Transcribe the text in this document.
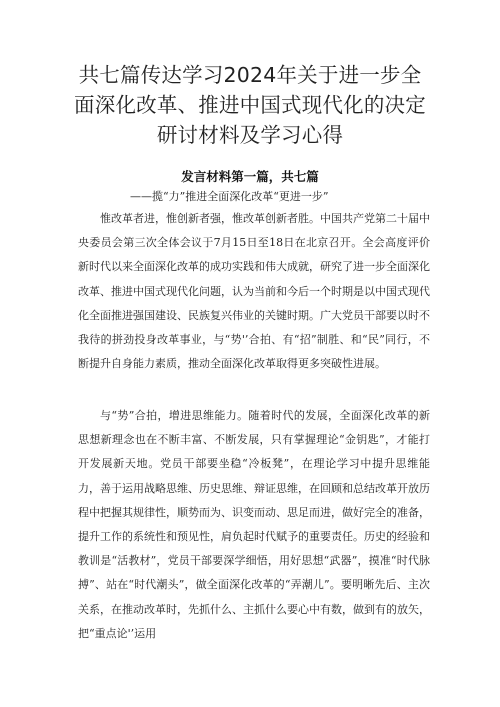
共七篇传达学习2024年关于进一步全面深化改革、推进中国式现代化的决定研讨材料及学习心得
发言材料第一篇，共七篇

——揽“力”推进全面深化改革“更进一步”

惟改革者进，惟创新者强，惟改革创新者胜。中国共产党第二十届中央委员会第三次全体会议于7月15日至18日在北京召开。全会高度评价新时代以来全面深化改革的成功实践和伟大成就，研究了进一步全面深化改革、推进中国式现代化问题，认为当前和今后一个时期是以中国式现代化全面推进强国建设、民族复兴伟业的关键时期。广大党员干部要以时不我待的拼劲投身改革事业，与“势'’合拍、有“招”制胜、和“民”同行，不断提升自身能力素质，推动全面深化改革取得更多突破性进展。

与“势”合拍，增进思维能力。随着时代的发展，全面深化改革的新思想新理念也在不断丰富、不断发展，只有掌握理论“金钥匙”，才能打开发展新天地。党员干部要坐稳“冷板凳”，在理论学习中提升思维能力，善于运用战略思维、历史思维、辩证思维，在回顾和总结改革开放历程中把握其规律性，顺势而为、识变而动、思足而进，做好完全的准备，提升工作的系统性和预见性，肩负起时代赋予的重要责任。历史的经验和教训是“活教材”，党员干部要深学细悟，用好思想“武器”，摸准“时代脉搏”、站在“时代潮头”，做全面深化改革的“弄潮儿”。要明晰先后、主次关系，在推动改革时，先抓什么、主抓什么要心中有数，做到有的放矢，把“重点论'’运用
